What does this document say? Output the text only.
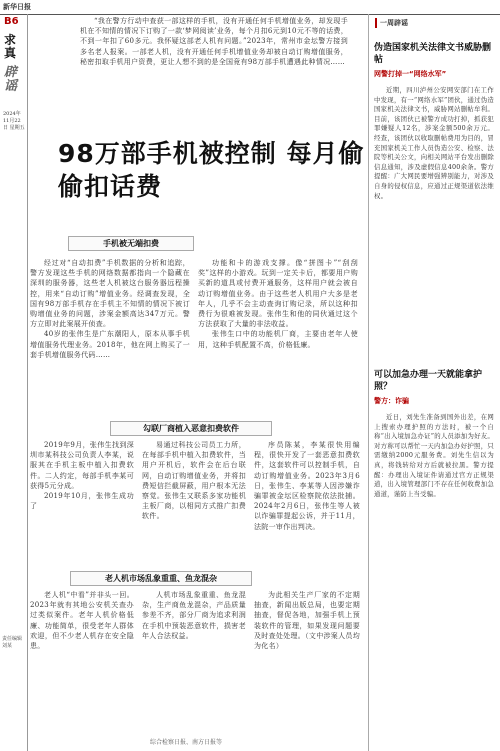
新华日报
B6
求真
辟谣
2024年 11月22日 星期五
责任编辑 刘某

“我在警方行动中查获一部这样的手机，没有开通任何手机增值业务，却发现手机在不知情的情况下订购了一款‘梦网阅读’业务，每个月扣6元到10元不等的话费，不到一年扣了60多元。我怀疑这部老人机有问题。”2023年，常州市金坛警方接到多名老人报案。一部老人机，没有开通任何手机增值业务却被自动订购增值服务，秘密扣取手机用户资费，更让人想不到的是全国竟有98万部手机遭遇此种情况……

98万部手机被控制 每月偷偷扣话费
手机被无端扣费

经过对“自动扣费”手机数据的分析和追踪，警方发现这些手机的网络数据都指向一个隐藏在深圳的服务器，这些老人机被这台服务器远程操控，用来“自动订购”增值业务。经调查发现，全国有98万部手机存在手机主不知情的情况下被订购增值业务的问题，涉案金额高达347万元。警方立即对此案展开侦查。

40岁的张伟生是广东潮阳人，原本从事手机增值服务代理业务。2018年，他在网上购买了一套手机增值服务代码……

功能和卡的游戏支撑。像“拼图卡”“刮刮奖”这样的小游戏。玩到一定关卡后，都要用户购买新的道具或付费开通服务，这样用户就会被自动订购增值业务。由于这些老人机用户大多是老年人，几乎不会主动查询订购记录，所以这种扣费行为很难被发现。张伟生和他的同伙通过这个方法获取了大量的非法收益。

张伟生口中的功能机厂商，主要由老年人使用，这种手机配置不高，价格低廉。

勾联厂商植入恶意扣费软件

2019年9月，张伟生找到深圳市某科技公司负责人李某，说服其在手机主板中植入扣费软件。二人约定，每部手机李某可获得5元分成。

2019年10月，张伟生成功了

易通过科技公司员工力所，在每部手机中植入扣费软件，当用户开机后，软件会在后台联网，自动订购增值业务，并将扣费短信拦截屏蔽，用户根本无法察觉。张伟生又联系多家功能机主板厂商，以相同方式推广扣费软件。

序员陈某，李某很快用编程，很快开发了一套恶意扣费软件，这套软件可以控制手机，自动订购增值业务。2023年3月6日，张伟生、李某等人因涉嫌诈骗罪被金坛区检察院依法批捕。2024年2月6日，张伟生等人被以诈骗罪提起公诉，并于11月，法院一审作出判决。

老人机市场乱象重重、鱼龙混杂

老人机“中看”并非头一回。2023年就有其地公安机关查办过类似案件。老年人机价格低廉、功能简单，很受老年人群体欢迎，但不少老人机存在安全隐患。

人机市场乱象重重、鱼龙混杂，生产商鱼龙混杂，产品质量参差不齐，部分厂商为追求利润在手机中预装恶意软件，损害老年人合法权益。

为此相关生产厂家的不定期抽查，新闻出版总局，也要定期抽查，督促各地，加强手机上预装软件的管理，如果发现问题要及时查处处理。（文中涉案人员均为化名）

综合检察日报、南方日报等
一周辟谣
伪造国家机关法律文书威胁删帖
网警打掉一“网络水军”

近期，四川泸州公安网安部门在工作中发现，有一“网络水军”团伙，通过伪造国家机关法律文书，威胁网站删帖牟利。目前，该团伙已被警方成功打掉，抓获犯罪嫌疑人12名，涉案金额500余万元。经查，该团伙以收取删帖费用为目的，冒充国家机关工作人员伪造公安、检察、法院等机关公文，向相关网站平台发出删除信息通知，涉及虚假信息400余条。警方提醒：广大网民要增强辨别能力，对涉及自身的侵权信息，应通过正规渠道依法维权。

可以加急办理一天就能拿护照？
警方：诈骗

近日，刘先生准备到国外出差，在网上搜索办理护照的方法时，被一个自称“出入境加急办证”的人员添加为好友。对方称可以帮忙一天内加急办好护照，只需缴纳2000元服务费。刘先生信以为真，将钱转给对方后就被拉黑。警方提醒：办理出入境证件请通过官方正规渠道，出入境管理部门不存在任何收费加急通道，谨防上当受骗。
